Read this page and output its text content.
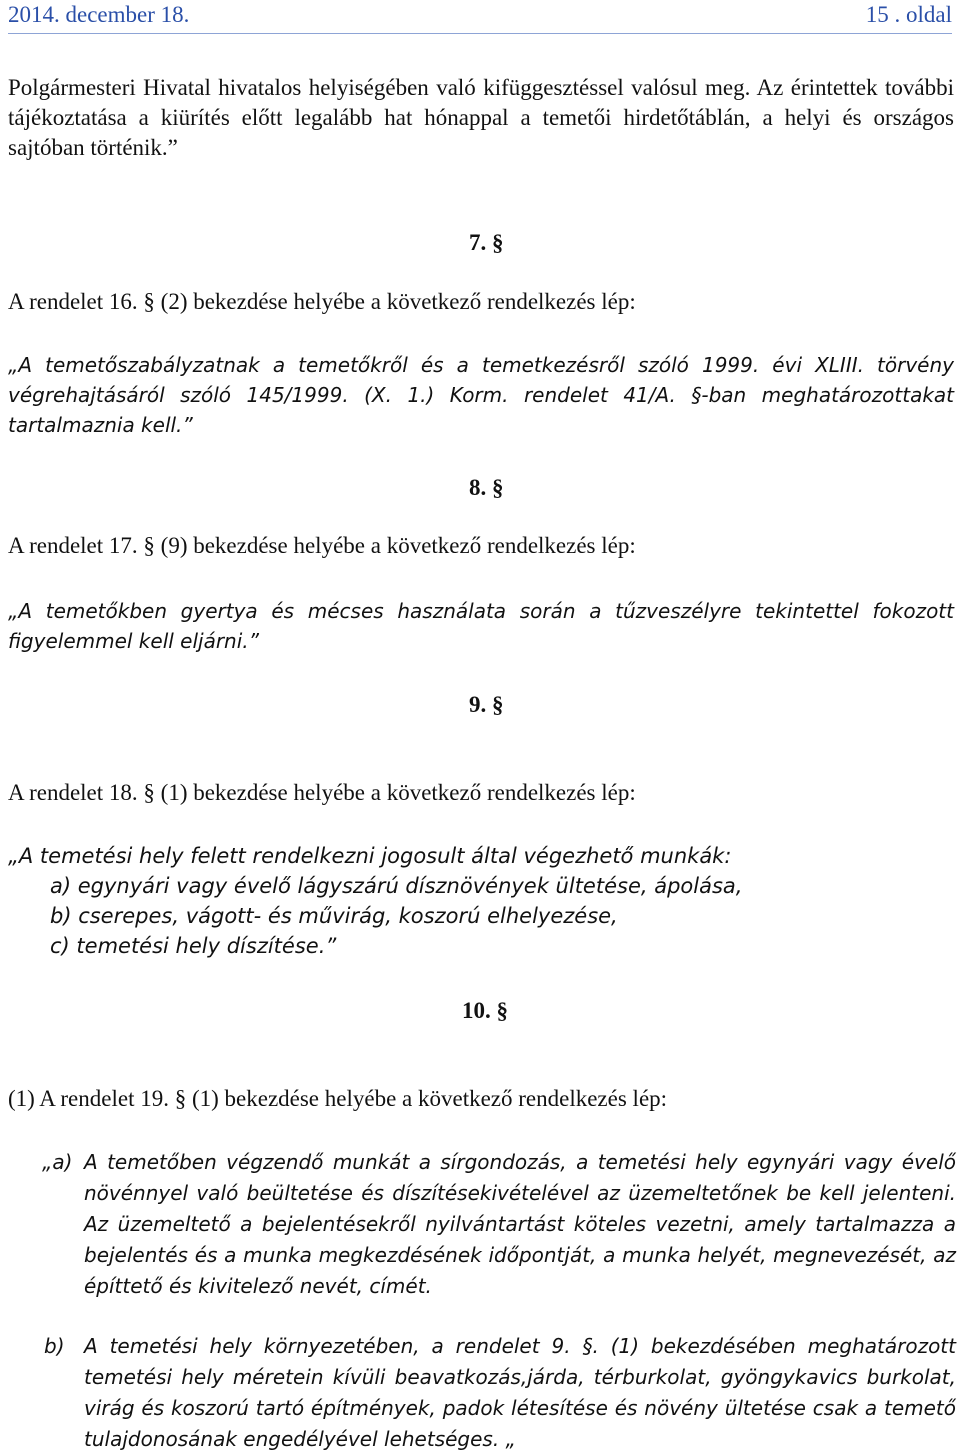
2014. december 18.	15 . oldal
Polgármesteri Hivatal hivatalos helyiségében való kifüggesztéssel valósul meg. Az érintettek további tájékoztatása a kiürítés előtt legalább hat hónappal a temetői hirdetőtáblán, a helyi és országos sajtóban történik.”
7. §
A rendelet 16. § (2) bekezdése helyébe a következő rendelkezés lép:
„A temetőszabályzatnak a temetőkről és a temetkezésről szóló 1999. évi XLIII. törvény végrehajtásáról szóló 145/1999. (X. 1.) Korm. rendelet 41/A. §-ban meghatározottakat tartalmaznia kell.”
8. §
A rendelet 17. § (9) bekezdése helyébe a következő rendelkezés lép:
„A temetőkben gyertya és mécses használata során a tűzveszélyre tekintettel fokozott figyelemmel kell eljárni.”
9. §
A rendelet 18. § (1) bekezdése helyébe a következő rendelkezés lép:
„A temetési hely felett rendelkezni jogosult által végezhető munkák:
a) egynyári vagy évelő lágyszárú dísznövények ültetése, ápolása,
b) cserepes, vágott- és művirág, koszorú elhelyezése,
c) temetési hely díszítése.”
10. §
(1) A rendelet 19. § (1) bekezdése helyébe a következő rendelkezés lép:
„a) A temetőben végzendő munkát a sírgondozás, a temetési hely egynyári vagy évelő növénnyel való beültetése és díszítésekivételével az üzemeltetőnek be kell jelenteni. Az üzemeltető a bejelentésekről nyilvántartást köteles vezetni, amely tartalmazza a bejelentés és a munka megkezdésének időpontját, a munka helyét, megnevezését, az építtető és kivitelező nevét, címét.
b) A temetési hely környezetében, a rendelet 9. §. (1) bekezdésében meghatározott temetési hely méretein kívüli beavatkozás,járda, térburkolat, gyöngykavics burkolat, virág és koszorú tartó építmények, padok létesítése és növény ültetése csak a temető tulajdonosának engedélyével lehetséges. „
